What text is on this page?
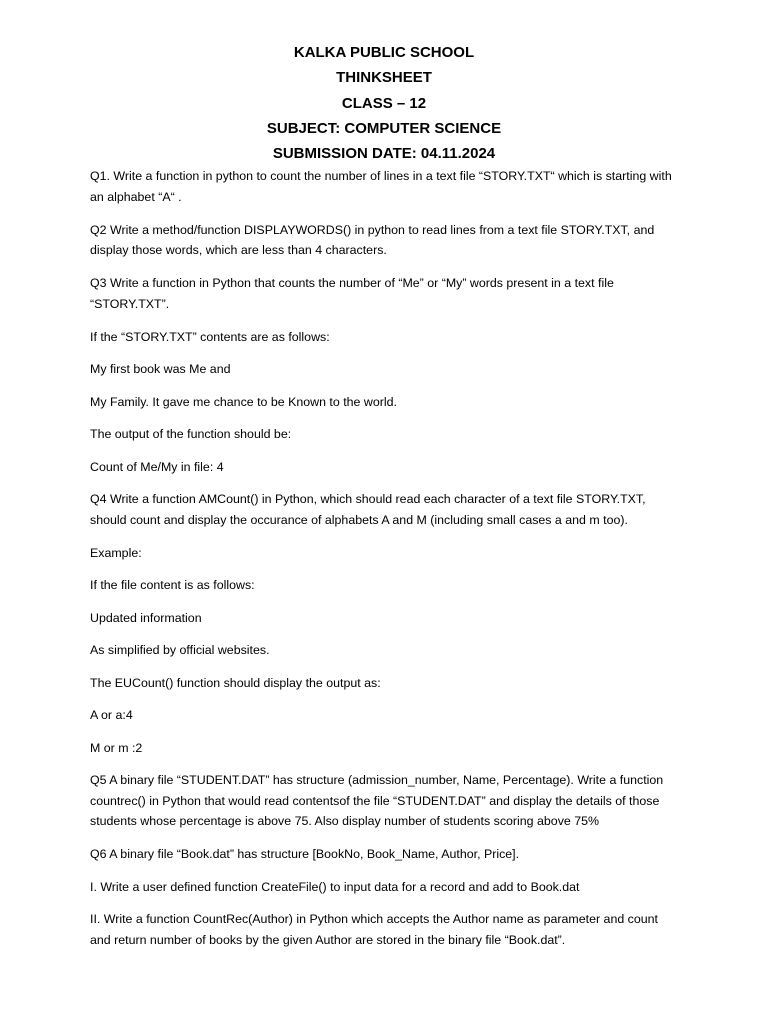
KALKA PUBLIC SCHOOL
THINKSHEET
CLASS – 12
SUBJECT: COMPUTER SCIENCE
SUBMISSION DATE: 04.11.2024

Q1. Write a function in python to count the number of lines in a text file “STORY.TXT“ which is starting with an alphabet “A“ .

Q2 Write a method/function DISPLAYWORDS() in python to read lines from a text file STORY.TXT, and display those words, which are less than 4 characters.

Q3 Write a function in Python that counts the number of “Me” or “My” words present in a text file “STORY.TXT”.

If the “STORY.TXT” contents are as follows:

My first book was Me and

My Family. It gave me chance to be Known to the world.

The output of the function should be:

Count of Me/My in file: 4

Q4 Write a function AMCount() in Python, which should read each character of a text file STORY.TXT, should count and display the occurance of alphabets A and M (including small cases a and m too).

Example:

If the file content is as follows:

Updated information

As simplified by official websites.

The EUCount() function should display the output as:

A or a:4

M or m :2

Q5 A binary file “STUDENT.DAT” has structure (admission_number, Name, Percentage). Write a function countrec() in Python that would read contentsof the file “STUDENT.DAT” and display the details of those students whose percentage is above 75. Also display number of students scoring above 75%

Q6 A binary file “Book.dat” has structure [BookNo, Book_Name, Author, Price].

I. Write a user defined function CreateFile() to input data for a record and add to Book.dat

II. Write a function CountRec(Author) in Python which accepts the Author name as parameter and count and return number of books by the given Author are stored in the binary file “Book.dat”.
